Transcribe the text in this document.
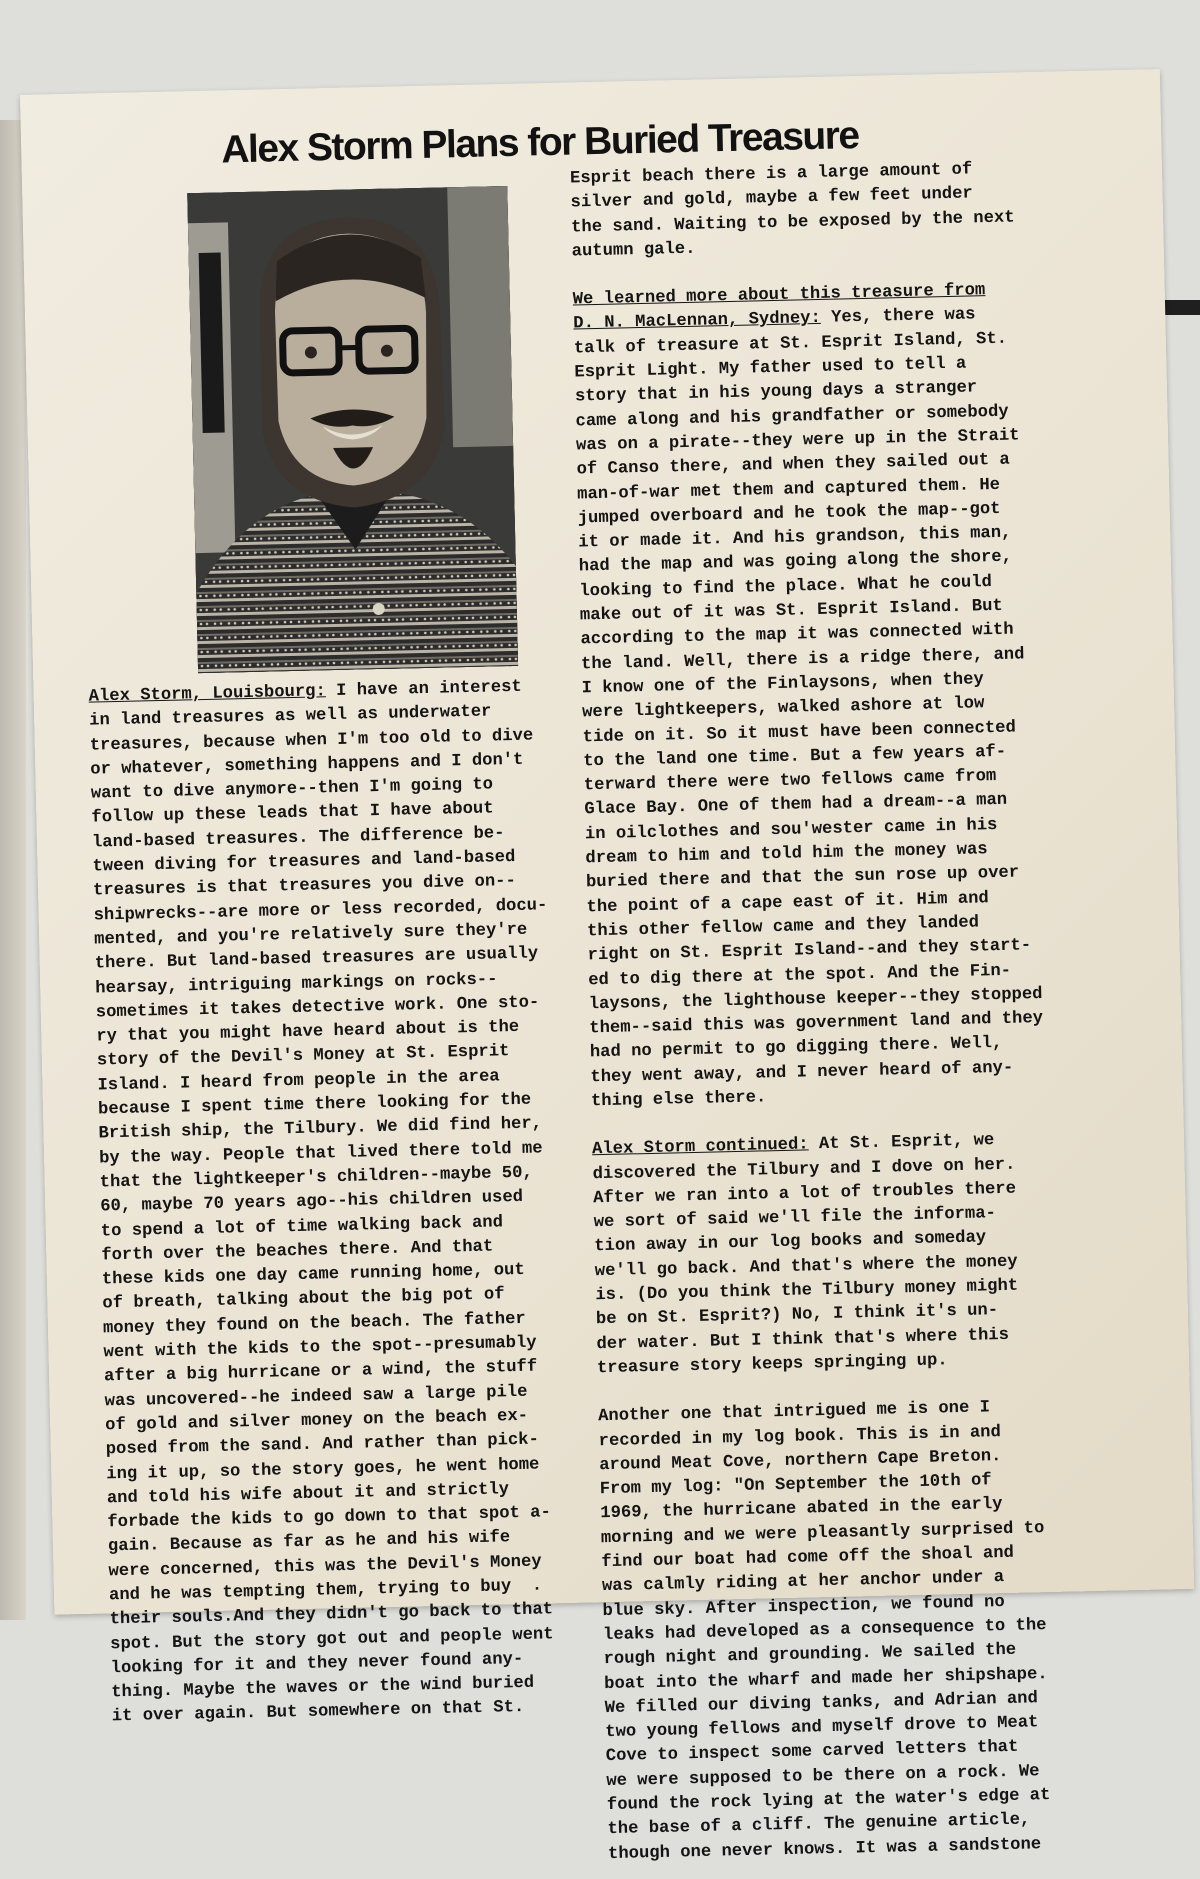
Alex Storm Plans for Buried Treasure

Alex Storm, Louisbourg: I have an interest
in land treasures as well as underwater
treasures, because when I'm too old to dive
or whatever, something happens and I don't
want to dive anymore--then I'm going to
follow up these leads that I have about
land-based treasures. The difference be-
tween diving for treasures and land-based
treasures is that treasures you dive on--
shipwrecks--are more or less recorded, docu-
mented, and you're relatively sure they're
there. But land-based treasures are usually
hearsay, intriguing markings on rocks--
sometimes it takes detective work. One sto-
ry that you might have heard about is the
story of the Devil's Money at St. Esprit
Island. I heard from people in the area
because I spent time there looking for the
British ship, the Tilbury. We did find her,
by the way. People that lived there told me
that the lightkeeper's children--maybe 50,
60, maybe 70 years ago--his children used
to spend a lot of time walking back and
forth over the beaches there. And that
these kids one day came running home, out
of breath, talking about the big pot of
money they found on the beach. The father
went with the kids to the spot--presumably
after a big hurricane or a wind, the stuff
was uncovered--he indeed saw a large pile
of gold and silver money on the beach ex-
posed from the sand. And rather than pick-
ing it up, so the story goes, he went home
and told his wife about it and strictly
forbade the kids to go down to that spot a-
gain. Because as far as he and his wife
were concerned, this was the Devil's Money
and he was tempting them, trying to buy  .
their souls.And they didn't go back to that
spot. But the story got out and people went
looking for it and they never found any-
thing. Maybe the waves or the wind buried
it over again. But somewhere on that St.

Esprit beach there is a large amount of
silver and gold, maybe a few feet under
the sand. Waiting to be exposed by the next
autumn gale.

We learned more about this treasure from
D. N. MacLennan, Sydney: Yes, there was
talk of treasure at St. Esprit Island, St.
Esprit Light. My father used to tell a
story that in his young days a stranger
came along and his grandfather or somebody
was on a pirate--they were up in the Strait
of Canso there, and when they sailed out a
man-of-war met them and captured them. He
jumped overboard and he took the map--got
it or made it. And his grandson, this man,
had the map and was going along the shore,
looking to find the place. What he could
make out of it was St. Esprit Island. But
according to the map it was connected with
the land. Well, there is a ridge there, and
I know one of the Finlaysons, when they
were lightkeepers, walked ashore at low
tide on it. So it must have been connected
to the land one time. But a few years af-
terward there were two fellows came from
Glace Bay. One of them had a dream--a man
in oilclothes and sou'wester came in his
dream to him and told him the money was
buried there and that the sun rose up over
the point of a cape east of it. Him and
this other fellow came and they landed
right on St. Esprit Island--and they start-
ed to dig there at the spot. And the Fin-
laysons, the lighthouse keeper--they stopped
them--said this was government land and they
had no permit to go digging there. Well,
they went away, and I never heard of any-
thing else there.

Alex Storm continued: At St. Esprit, we
discovered the Tilbury and I dove on her.
After we ran into a lot of troubles there
we sort of said we'll file the informa-
tion away in our log books and someday
we'll go back. And that's where the money
is. (Do you think the Tilbury money might
be on St. Esprit?) No, I think it's un-
der water. But I think that's where this
treasure story keeps springing up.

Another one that intrigued me is one I
recorded in my log book. This is in and
around Meat Cove, northern Cape Breton.
From my log: "On September the 10th of
1969, the hurricane abated in the early
morning and we were pleasantly surprised to
find our boat had come off the shoal and
was calmly riding at her anchor under a
blue sky. After inspection, we found no
leaks had developed as a consequence to the
rough night and grounding. We sailed the
boat into the wharf and made her shipshape.
We filled our diving tanks, and Adrian and
two young fellows and myself drove to Meat
Cove to inspect some carved letters that
we were supposed to be there on a rock. We
found the rock lying at the water's edge at
the base of a cliff. The genuine article,
though one never knows. It was a sandstone
